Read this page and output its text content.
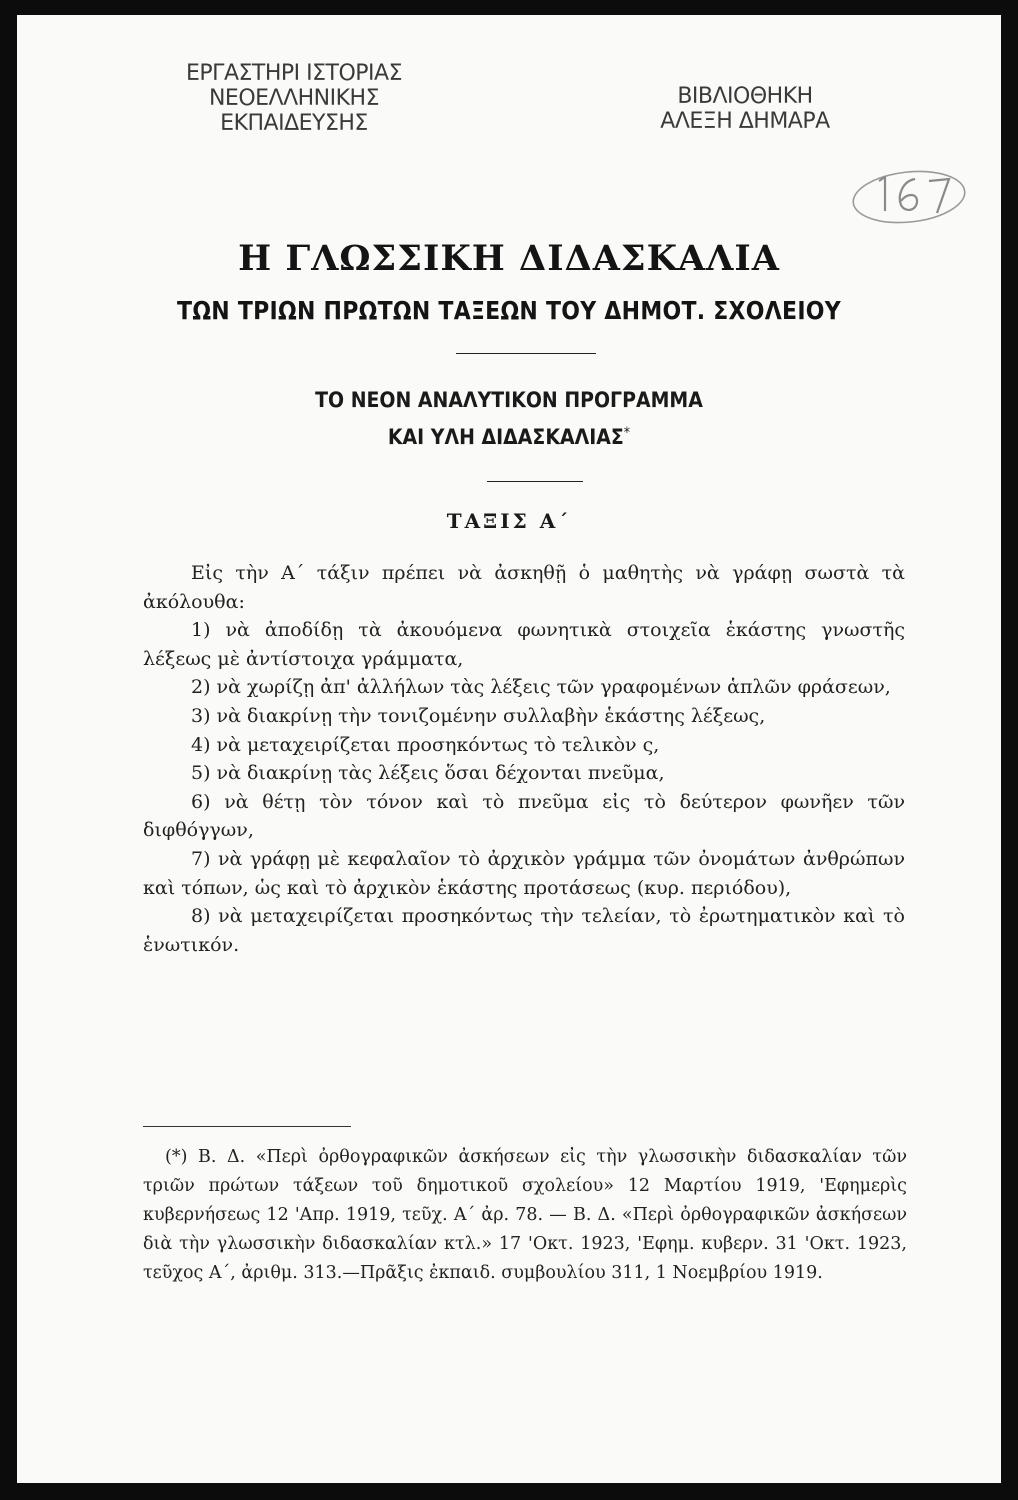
ΕΡΓΑΣΤΗΡΙ ΙΣΤΟΡΙΑΣ
ΝΕΟΕΛΛΗΝΙΚΗΣ
ΕΚΠΑΙΔΕΥΣΗΣ
ΒΙΒΛΙΟΘΗΚΗ
ΑΛΕΞΗ ΔΗΜΑΡΑ
Η ΓΛΩΣΣΙΚΗ ΔΙΔΑΣΚΑΛΙΑ
ΤΩΝ ΤΡΙΩΝ ΠΡΩΤΩΝ ΤΑΞΕΩΝ ΤΟΥ ΔΗΜΟΤ. ΣΧΟΛΕΙΟΥ
ΤΟ ΝΕΟΝ ΑΝΑΛΥΤΙΚΟΝ ΠΡΟΓΡΑΜΜΑ
ΚΑΙ ΥΛΗ ΔΙΔΑΣΚΑΛΙΑΣ*
ΤΑΞΙΣ Α΄

Εἰς τὴν Α΄ τάξιν πρέπει νὰ ἀσκηθῇ ὁ μαθητὴς νὰ γράφῃ σωστὰ τὰ ἀκόλουθα:

1) νὰ ἀποδίδῃ τὰ ἀκουόμενα φωνητικὰ στοιχεῖα ἑκάστης γνωστῆς λέξεως μὲ ἀντίστοιχα γράμματα,

2) νὰ χωρίζῃ ἀπ' ἀλλήλων τὰς λέξεις τῶν γραφομένων ἁπλῶν φράσεων,

3) νὰ διακρίνῃ τὴν τονιζομένην συλλαβὴν ἑκάστης λέξεως,

4) νὰ μεταχειρίζεται προσηκόντως τὸ τελικὸν ς,

5) νὰ διακρίνῃ τὰς λέξεις ὅσαι δέχονται πνεῦμα,

6) νὰ θέτῃ τὸν τόνον καὶ τὸ πνεῦμα εἰς τὸ δεύτερον φωνῆεν τῶν διφθόγγων,

7) νὰ γράφῃ μὲ κεφαλαῖον τὸ ἀρχικὸν γράμμα τῶν ὀνομάτων ἀνθρώπων καὶ τόπων, ὡς καὶ τὸ ἀρχικὸν ἑκάστης προτάσεως (κυρ. περιόδου),

8) νὰ μεταχειρίζεται προσηκόντως τὴν τελείαν, τὸ ἐρωτηματικὸν καὶ τὸ ἑνωτικόν.

(*) Β. Δ. «Περὶ ὀρθογραφικῶν ἀσκήσεων εἰς τὴν γλωσσικὴν διδασκαλίαν τῶν τριῶν πρώτων τάξεων τοῦ δημοτικοῦ σχολείου» 12 Μαρτίου 1919, 'Εφημερὶς κυβερνήσεως 12 'Απρ. 1919, τεῦχ. Α΄ ἀρ. 78. — Β. Δ. «Περὶ ὀρθογραφικῶν ἀσκήσεων διὰ τὴν γλωσσικὴν διδασκαλίαν κτλ.» 17 'Οκτ. 1923, 'Εφημ. κυβερν. 31 'Οκτ. 1923, τεῦχος Α΄, ἀριθμ. 313.—Πρᾶξις ἐκπαιδ. συμβουλίου 311, 1 Νοεμβρίου 1919.
